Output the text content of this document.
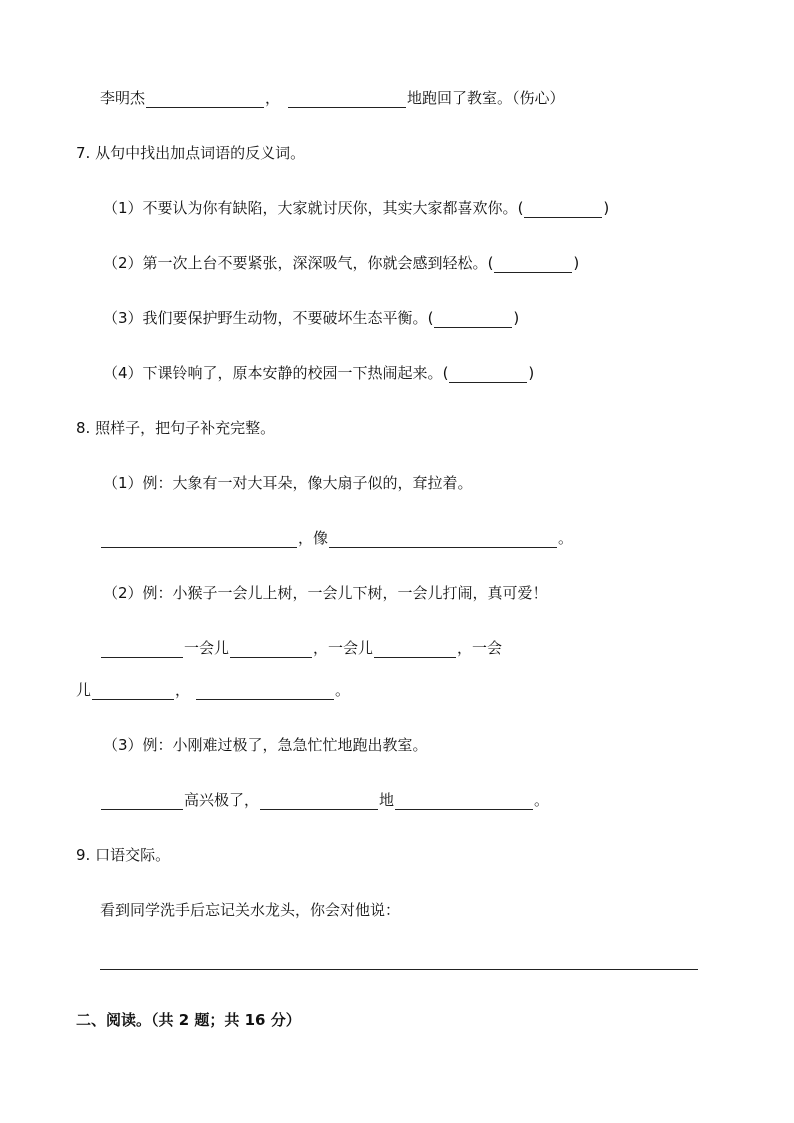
李明杰	，	地跑回了教室。（伤心）
7. 从句中找出加点词语的反义词。
（1）不要认为你有缺陷，大家就讨厌你，其实大家都喜欢你。(	)
（2）第一次上台不要紧张，深深吸气，你就会感到轻松。(	)
（3）我们要保护野生动物，不要破坏生态平衡。(	)
（4）下课铃响了，原本安静的校园一下热闹起来。(	)
8. 照样子，把句子补充完整。
（1）例：大象有一对大耳朵，像大扇子似的，耷拉着。
，像	。
（2）例：小猴子一会儿上树，一会儿下树，一会儿打闹，真可爱！
一会儿	，一会儿	，一会
儿	，	。
（3）例：小刚难过极了，急急忙忙地跑出教室。
高兴极了，	地	。
9. 口语交际。
看到同学洗手后忘记关水龙头，你会对他说：
二、阅读。（共 2 题；共 16 分）
